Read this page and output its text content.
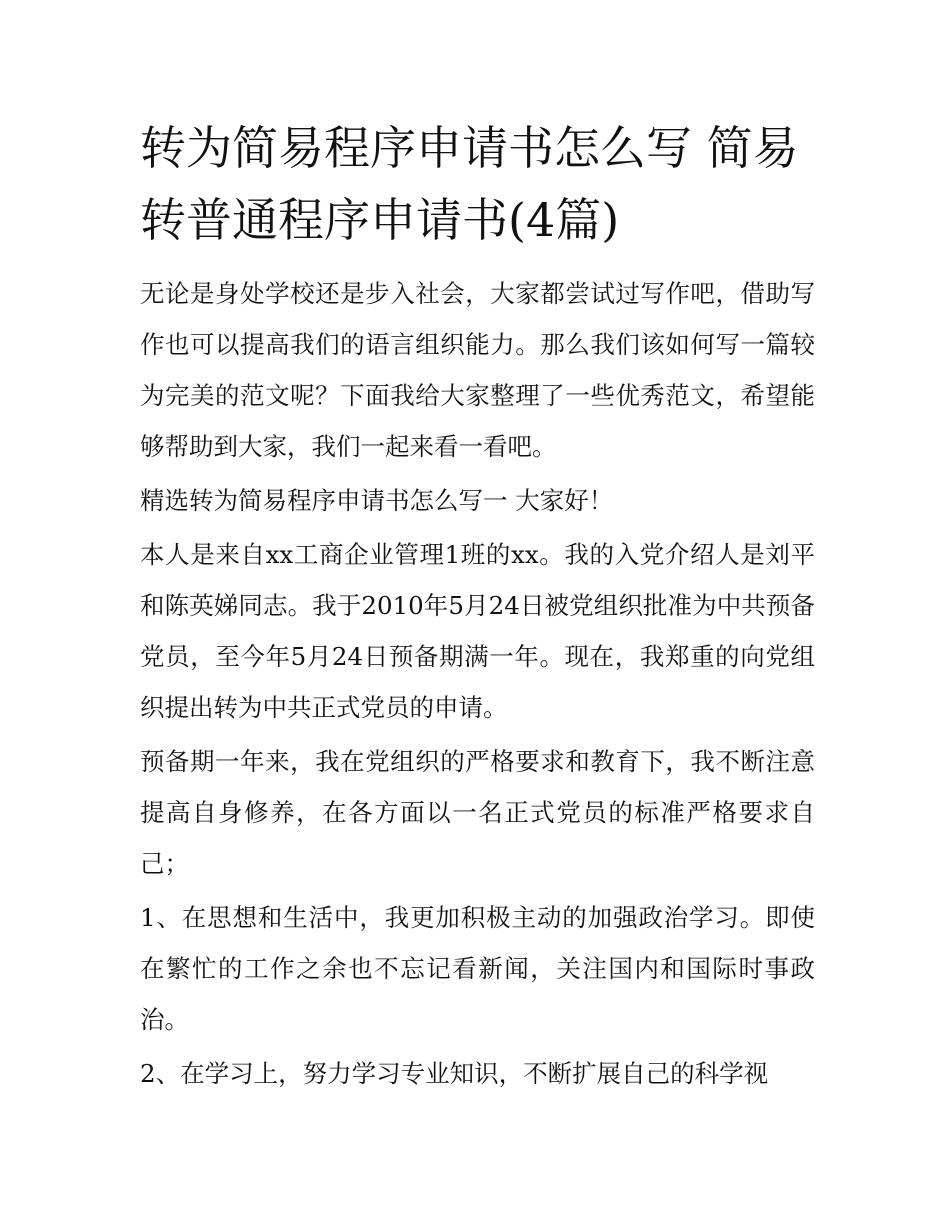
转为简易程序申请书怎么写 简易转普通程序申请书(4篇)

无论是身处学校还是步入社会，大家都尝试过写作吧，借助写作也可以提高我们的语言组织能力。那么我们该如何写一篇较为完美的范文呢？下面我给大家整理了一些优秀范文，希望能够帮助到大家，我们一起来看一看吧。

精选转为简易程序申请书怎么写一 大家好！

本人是来自xx工商企业管理1班的xx。我的入党介绍人是刘平和陈英娣同志。我于2010年5月24日被党组织批准为中共预备党员，至今年5月24日预备期满一年。现在，我郑重的向党组织提出转为中共正式党员的申请。

预备期一年来，我在党组织的严格要求和教育下，我不断注意提高自身修养，在各方面以一名正式党员的标准严格要求自己；

1、在思想和生活中，我更加积极主动的加强政治学习。即使在繁忙的工作之余也不忘记看新闻，关注国内和国际时事政治。

2、在学习上，努力学习专业知识，不断扩展自己的科学视
